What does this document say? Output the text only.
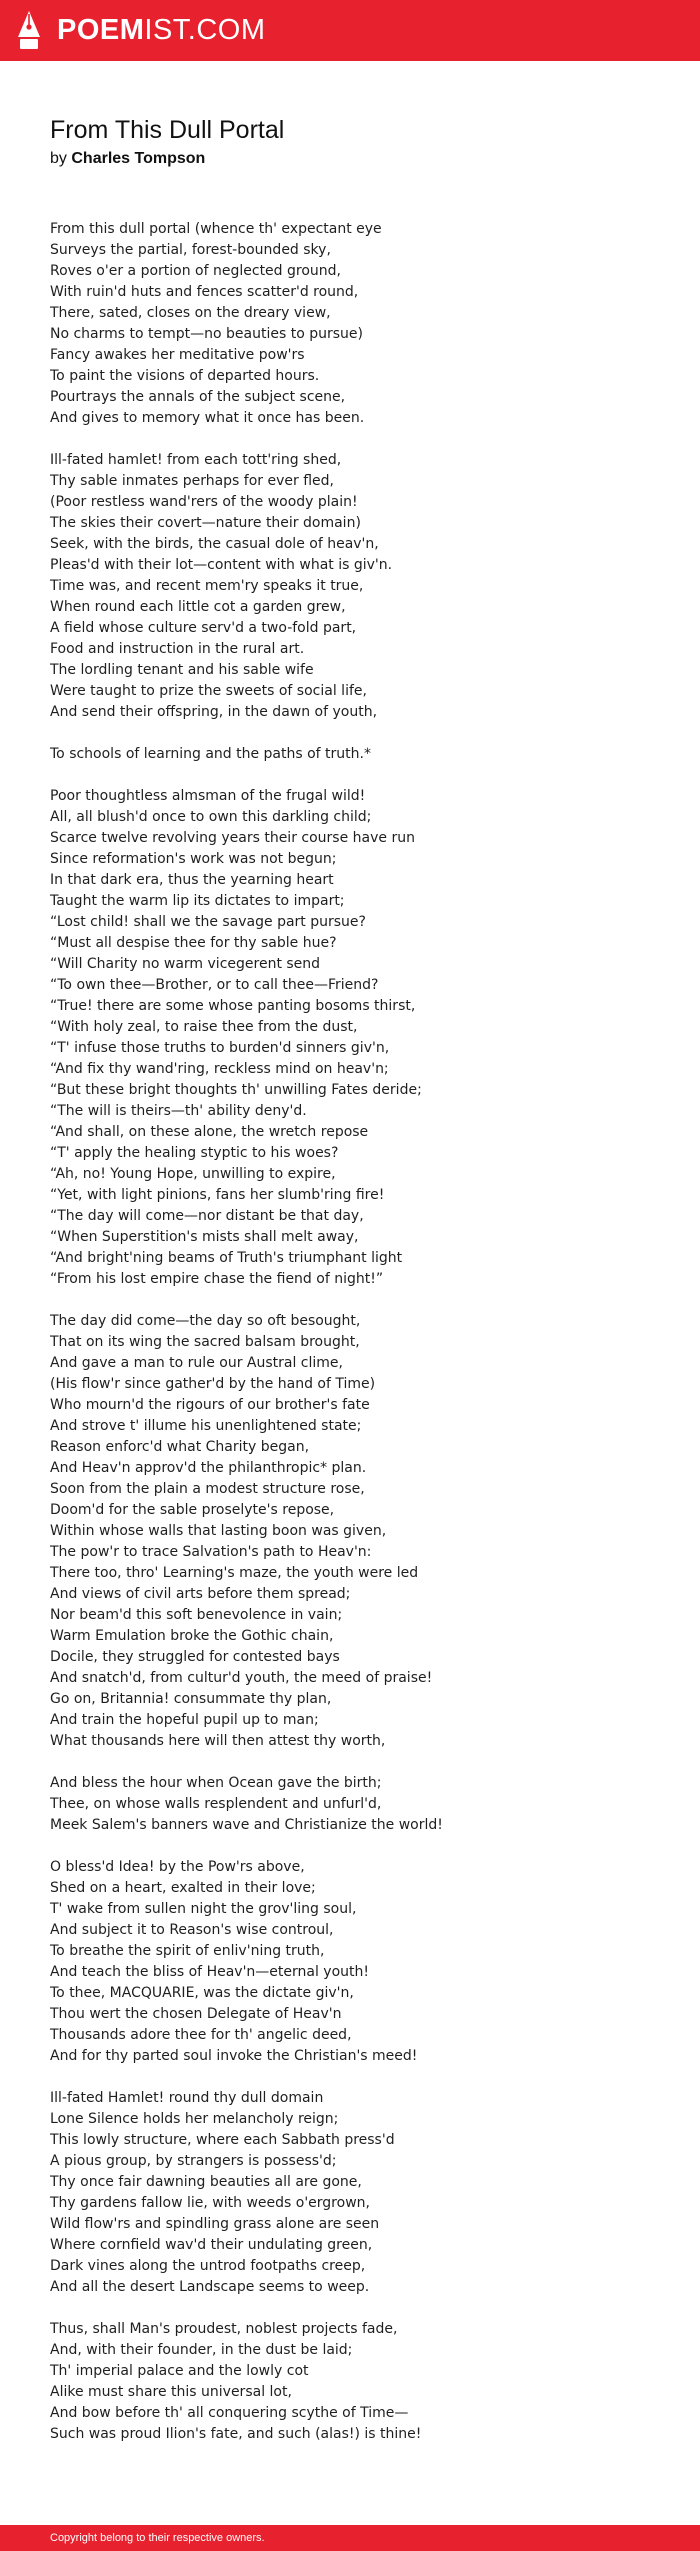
POEMIST.COM
From This Dull Portal
by Charles Tompson
From this dull portal (whence th' expectant eye
Surveys the partial, forest-bounded sky,
Roves o'er a portion of neglected ground,
With ruin'd huts and fences scatter'd round,
There, sated, closes on the dreary view,
No charms to tempt—no beauties to pursue)
Fancy awakes her meditative pow'rs
To paint the visions of departed hours.
Pourtrays the annals of the subject scene,
And gives to memory what it once has been.
Ill-fated hamlet! from each tott'ring shed,
Thy sable inmates perhaps for ever fled,
(Poor restless wand'rers of the woody plain!
The skies their covert—nature their domain)
Seek, with the birds, the casual dole of heav'n,
Pleas'd with their lot—content with what is giv'n.
Time was, and recent mem'ry speaks it true,
When round each little cot a garden grew,
A field whose culture serv'd a two-fold part,
Food and instruction in the rural art.
The lordling tenant and his sable wife
Were taught to prize the sweets of social life,
And send their offspring, in the dawn of youth,
To schools of learning and the paths of truth.*
Poor thoughtless almsman of the frugal wild!
All, all blush'd once to own this darkling child;
Scarce twelve revolving years their course have run
Since reformation's work was not begun;
In that dark era, thus the yearning heart
Taught the warm lip its dictates to impart;
“Lost child! shall we the savage part pursue?
“Must all despise thee for thy sable hue?
“Will Charity no warm vicegerent send
“To own thee—Brother, or to call thee—Friend?
“True! there are some whose panting bosoms thirst,
“With holy zeal, to raise thee from the dust,
“T' infuse those truths to burden'd sinners giv'n,
“And fix thy wand'ring, reckless mind on heav'n;
“But these bright thoughts th' unwilling Fates deride;
“The will is theirs—th' ability deny'd.
“And shall, on these alone, the wretch repose
“T' apply the healing styptic to his woes?
“Ah, no! Young Hope, unwilling to expire,
“Yet, with light pinions, fans her slumb'ring fire!
“The day will come—nor distant be that day,
“When Superstition's mists shall melt away,
“And bright'ning beams of Truth's triumphant light
“From his lost empire chase the fiend of night!”
The day did come—the day so oft besought,
That on its wing the sacred balsam brought,
And gave a man to rule our Austral clime,
(His flow'r since gather'd by the hand of Time)
Who mourn'd the rigours of our brother's fate
And strove t' illume his unenlightened state;
Reason enforc'd what Charity began,
And Heav'n approv'd the philanthropic* plan.
Soon from the plain a modest structure rose,
Doom'd for the sable proselyte's repose,
Within whose walls that lasting boon was given,
The pow'r to trace Salvation's path to Heav'n:
There too, thro' Learning's maze, the youth were led
And views of civil arts before them spread;
Nor beam'd this soft benevolence in vain;
Warm Emulation broke the Gothic chain,
Docile, they struggled for contested bays
And snatch'd, from cultur'd youth, the meed of praise!
Go on, Britannia! consummate thy plan,
And train the hopeful pupil up to man;
What thousands here will then attest thy worth,
And bless the hour when Ocean gave the birth;
Thee, on whose walls resplendent and unfurl'd,
Meek Salem's banners wave and Christianize the world!
O bless'd Idea! by the Pow'rs above,
Shed on a heart, exalted in their love;
T' wake from sullen night the grov'ling soul,
And subject it to Reason's wise controul,
To breathe the spirit of enliv'ning truth,
And teach the bliss of Heav'n—eternal youth!
To thee, MACQUARIE, was the dictate giv'n,
Thou wert the chosen Delegate of Heav'n
Thousands adore thee for th' angelic deed,
And for thy parted soul invoke the Christian's meed!
Ill-fated Hamlet! round thy dull domain
Lone Silence holds her melancholy reign;
This lowly structure, where each Sabbath press'd
A pious group, by strangers is possess'd;
Thy once fair dawning beauties all are gone,
Thy gardens fallow lie, with weeds o'ergrown,
Wild flow'rs and spindling grass alone are seen
Where cornfield wav'd their undulating green,
Dark vines along the untrod footpaths creep,
And all the desert Landscape seems to weep.
Thus, shall Man's proudest, noblest projects fade,
And, with their founder, in the dust be laid;
Th' imperial palace and the lowly cot
Alike must share this universal lot,
And bow before th' all conquering scythe of Time—
Such was proud Ilion's fate, and such (alas!) is thine!
Copyright belong to their respective owners.
